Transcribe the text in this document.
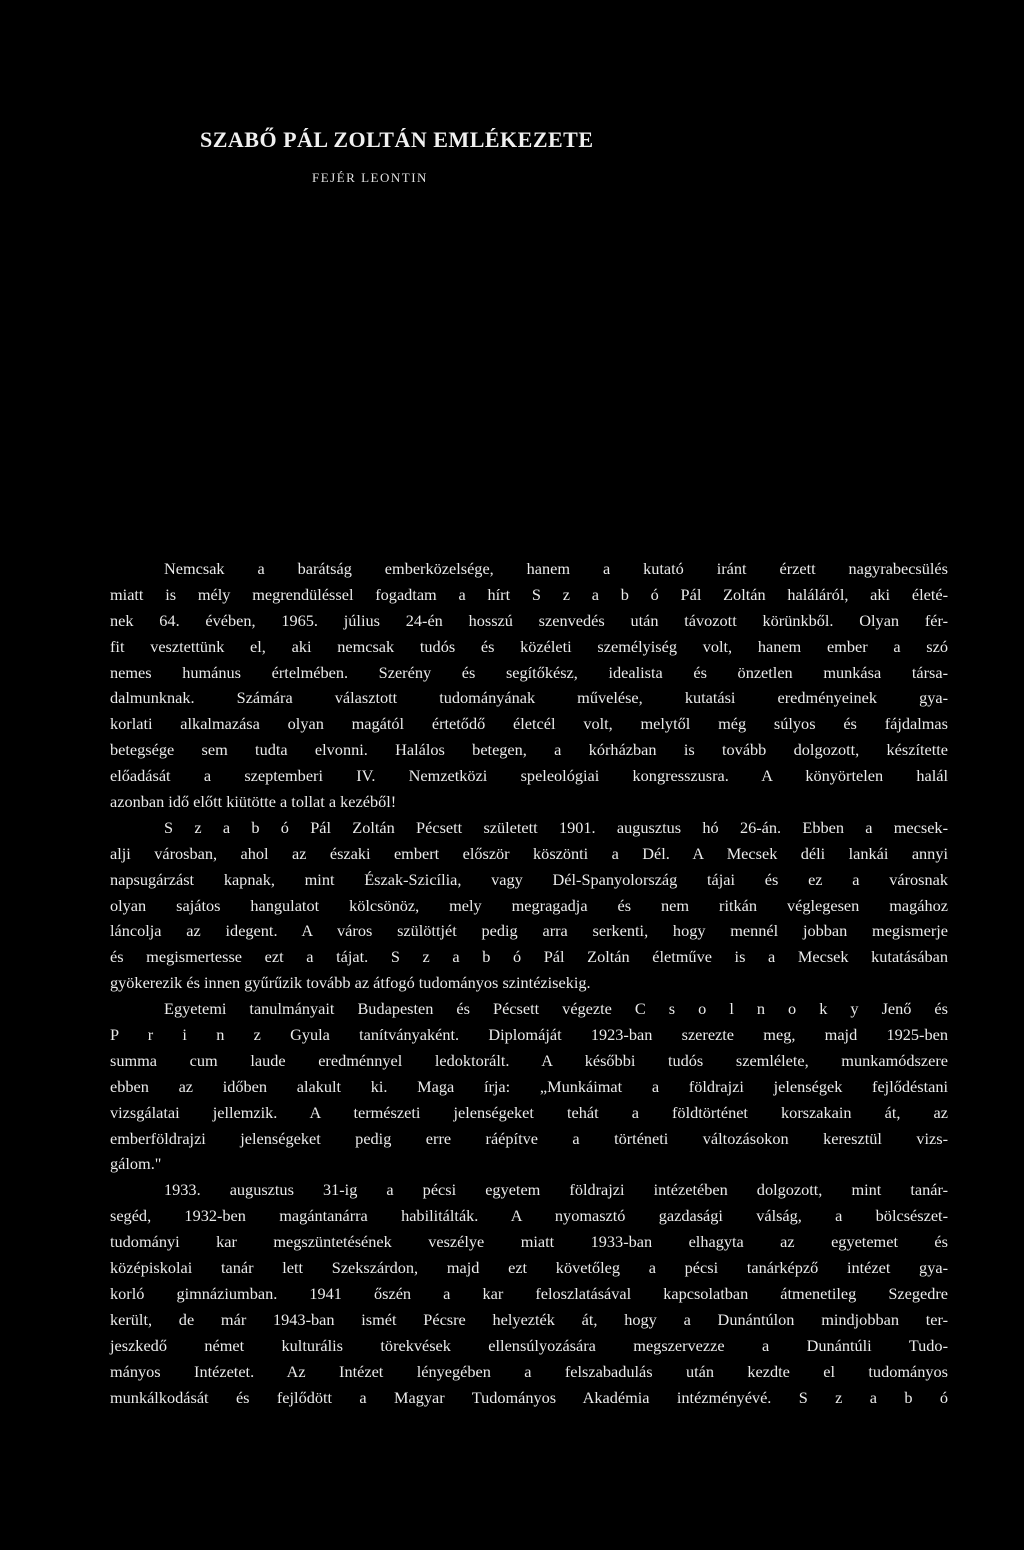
SZABŐ PÁL ZOLTÁN EMLÉKEZETE
FEJÉR LEONTIN
Nemcsak a barátság emberközelsége, hanem a kutató iránt érzett nagyrabecsülés
miatt is mély megrendüléssel fogadtam a hírt S z a b ó Pál Zoltán haláláról, aki életé-
nek 64. évében, 1965. július 24-én hosszú szenvedés után távozott körünkből. Olyan fér-
fit vesztettünk el, aki nemcsak tudós és közéleti személyiség volt, hanem ember a szó
nemes humánus értelmében. Szerény és segítőkész, idealista és önzetlen munkása társa-
dalmunknak. Számára választott tudományának művelése, kutatási eredményeinek gya-
korlati alkalmazása olyan magától értetődő életcél volt, melytől még súlyos és fájdalmas
betegsége sem tudta elvonni. Halálos betegen, a kórházban is tovább dolgozott, készítette
előadását a szeptemberi IV. Nemzetközi speleológiai kongresszusra. A könyörtelen halál
azonban idő előtt kiütötte a tollat a kezéből!
S z a b ó Pál Zoltán Pécsett született 1901. augusztus hó 26-án. Ebben a mecsek-
alji városban, ahol az északi embert először köszönti a Dél. A Mecsek déli lankái annyi
napsugárzást kapnak, mint Észak-Szicília, vagy Dél-Spanyolország tájai és ez a városnak
olyan sajátos hangulatot kölcsönöz, mely megragadja és nem ritkán véglegesen magához
láncolja az idegent. A város szülöttjét pedig arra serkenti, hogy mennél jobban megismerje
és megismertesse ezt a tájat. S z a b ó Pál Zoltán életműve is a Mecsek kutatásában
gyökerezik és innen gyűrűzik tovább az átfogó tudományos szintézisekig.
Egyetemi tanulmányait Budapesten és Pécsett végezte C s o l n o k y Jenő és
P r i n z Gyula tanítványaként. Diplomáját 1923-ban szerezte meg, majd 1925-ben
summa cum laude eredménnyel ledoktorált. A későbbi tudós szemlélete, munkamódszere
ebben az időben alakult ki. Maga írja: „Munkáimat a földrajzi jelenségek fejlődéstani
vizsgálatai jellemzik. A természeti jelenségeket tehát a földtörténet korszakain át, az
emberföldrajzi jelenségeket pedig erre ráépítve a történeti változásokon keresztül vizs-
gálom."
1933. augusztus 31-ig a pécsi egyetem földrajzi intézetében dolgozott, mint tanár-
segéd, 1932-ben magántanárra habilitálták. A nyomasztó gazdasági válság, a bölcsészet-
tudományi kar megszüntetésének veszélye miatt 1933-ban elhagyta az egyetemet és
középiskolai tanár lett Szekszárdon, majd ezt követőleg a pécsi tanárképző intézet gya-
korló gimnáziumban. 1941 őszén a kar feloszlatásával kapcsolatban átmenetileg Szegedre
került, de már 1943-ban ismét Pécsre helyezték át, hogy a Dunántúlon mindjobban ter-
jeszkedő német kulturális törekvések ellensúlyozására megszervezze a Dunántúli Tudo-
mányos Intézetet. Az Intézet lényegében a felszabadulás után kezdte el tudományos
munkálkodását és fejlődött a Magyar Tudományos Akadémia intézményévé. S z a b ó
